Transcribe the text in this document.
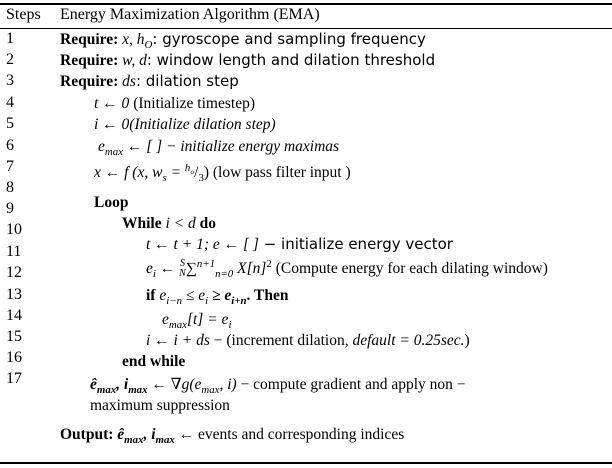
Steps Energy Maximization Algorithm (EMA)
1
2
3
4
5
6
7
8
9
10
11
12
13
14
15
16
17
Require: x, $h_O$: gyroscope and sampling frequency
Require: w, d: window length and dilation threshold
Require: ds: dilation step
t ← 0 (Initialize timestep)
i ← 0(Initialize dilation step)
$e_{max}$ ← [ ] − initialize energy maximas
x ← f (x, $w_s = ^{h_o}/_3$) (low pass filter input )
Loop
While i < d do
t ← t + 1; e ← [ ] − initialize energy vector
$e_i$ ← S
N ∑$^{n+1}_{n=0}$ $X[n]^2$ (Compute energy for each dilating window)
if $e_{i-n} \le e_i \ge e_{i+n}$. Then
$e_{max}[t] = e_i$
i ← i + ds − (increment dilation, default = 0.25sec.)
end while
$ê_{max}$, $i_{max}$ ← $\nabla g(e_{max}$, i) − compute gradient and apply non −
maximum suppression
Output: $ê_{max}$, $i_{max}$ ← events and corresponding indices
